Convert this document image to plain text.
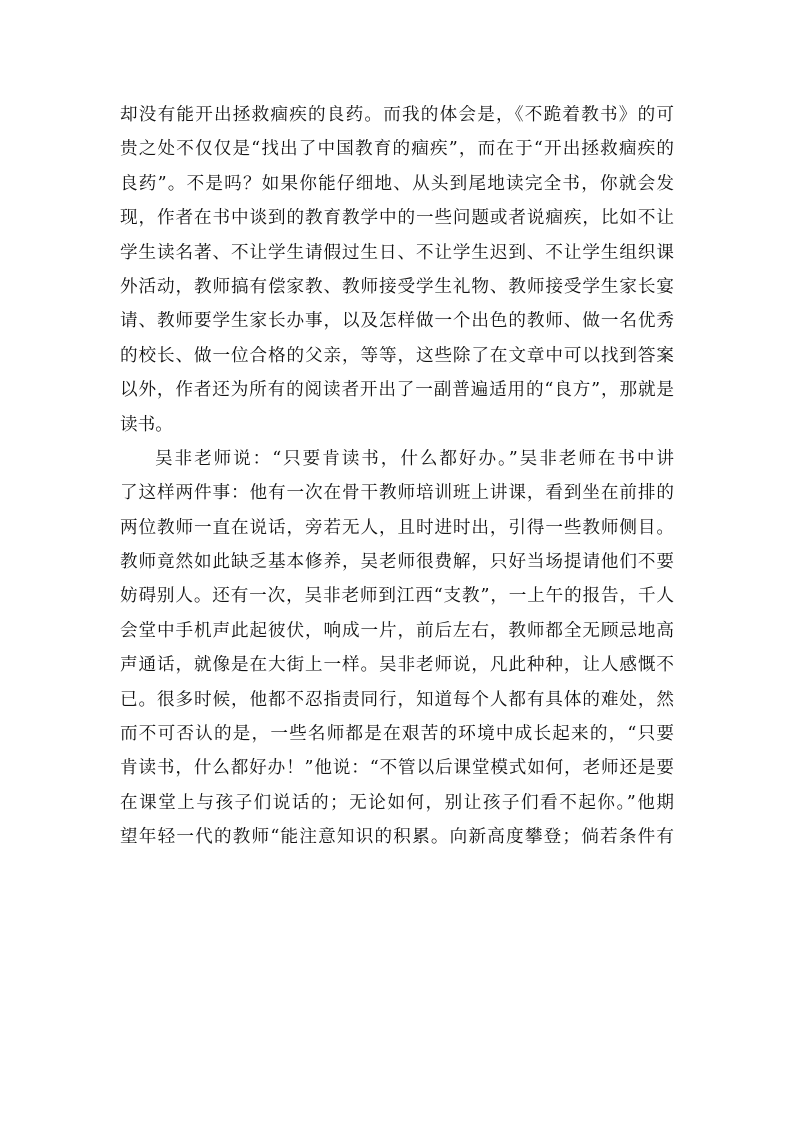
却没有能开出拯救痼疾的良药。而我的体会是，《不跪着教书》的可
贵之处不仅仅是“找出了中国教育的痼疾”，而在于“开出拯救痼疾的
良药”。不是吗？如果你能仔细地、从头到尾地读完全书，你就会发
现，作者在书中谈到的教育教学中的一些问题或者说痼疾，比如不让
学生读名著、不让学生请假过生日、不让学生迟到、不让学生组织课
外活动，教师搞有偿家教、教师接受学生礼物、教师接受学生家长宴
请、教师要学生家长办事，以及怎样做一个出色的教师、做一名优秀
的校长、做一位合格的父亲，等等，这些除了在文章中可以找到答案
以外，作者还为所有的阅读者开出了一副普遍适用的“良方”，那就是
读书。
吴非老师说：“只要肯读书，什么都好办。”吴非老师在书中讲
了这样两件事：他有一次在骨干教师培训班上讲课，看到坐在前排的
两位教师一直在说话，旁若无人，且时进时出，引得一些教师侧目。
教师竟然如此缺乏基本修养，吴老师很费解，只好当场提请他们不要
妨碍别人。还有一次，吴非老师到江西“支教”，一上午的报告，千人
会堂中手机声此起彼伏，响成一片，前后左右，教师都全无顾忌地高
声通话，就像是在大街上一样。吴非老师说，凡此种种，让人感慨不
已。很多时候，他都不忍指责同行，知道每个人都有具体的难处，然
而不可否认的是，一些名师都是在艰苦的环境中成长起来的，“只要
肯读书，什么都好办！”他说：“不管以后课堂模式如何，老师还是要
在课堂上与孩子们说话的；无论如何，别让孩子们看不起你。”他期
望年轻一代的教师“能注意知识的积累。向新高度攀登；倘若条件有
